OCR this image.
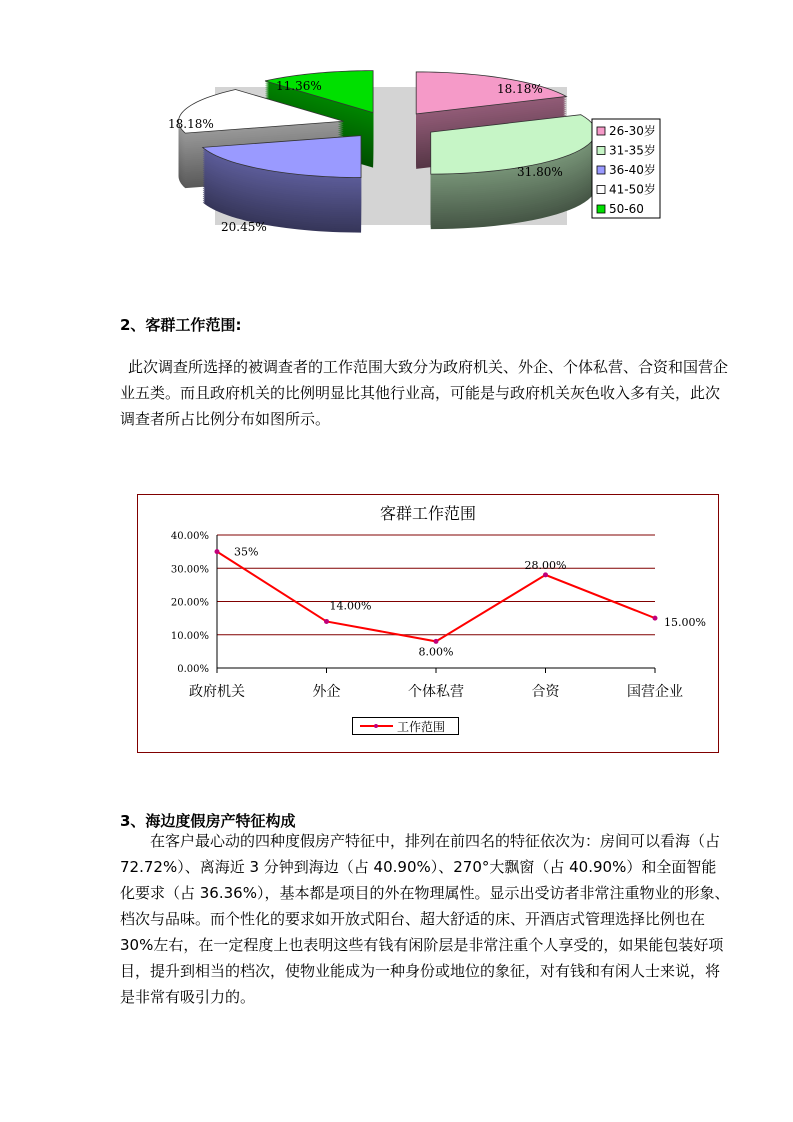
18.18%
31.80%
20.45%
18.18%
11.36%
26-30岁
31-35岁
36-40岁
41-50岁
50-60
2、客群工作范围:
此次调查所选择的被调查者的工作范围大致分为政府机关、外企、个体私营、合资和国营企业五类。而且政府机关的比例明显比其他行业高，可能是与政府机关灰色收入多有关，此次调查者所占比例分布如图所示。
客群工作范围
0.00%
10.00%
20.00%
30.00%
40.00%
政府机关	外企	个体私营	合资	国营企业
35%
14.00%
8.00%
28.00%
15.00%
工作范围
3、海边度假房产特征构成
在客户最心动的四种度假房产特征中，排列在前四名的特征依次为：房间可以看海（占 72.72%）、离海近 3 分钟到海边（占 40.90%）、270°大飘窗（占 40.90%）和全面智能化要求（占 36.36%），基本都是项目的外在物理属性。显示出受访者非常注重物业的形象、档次与品味。而个性化的要求如开放式阳台、超大舒适的床、开酒店式管理选择比例也在 30%左右，在一定程度上也表明这些有钱有闲阶层是非常注重个人享受的，如果能包装好项目，提升到相当的档次，使物业能成为一种身份或地位的象征，对有钱和有闲人士来说，将是非常有吸引力的。
